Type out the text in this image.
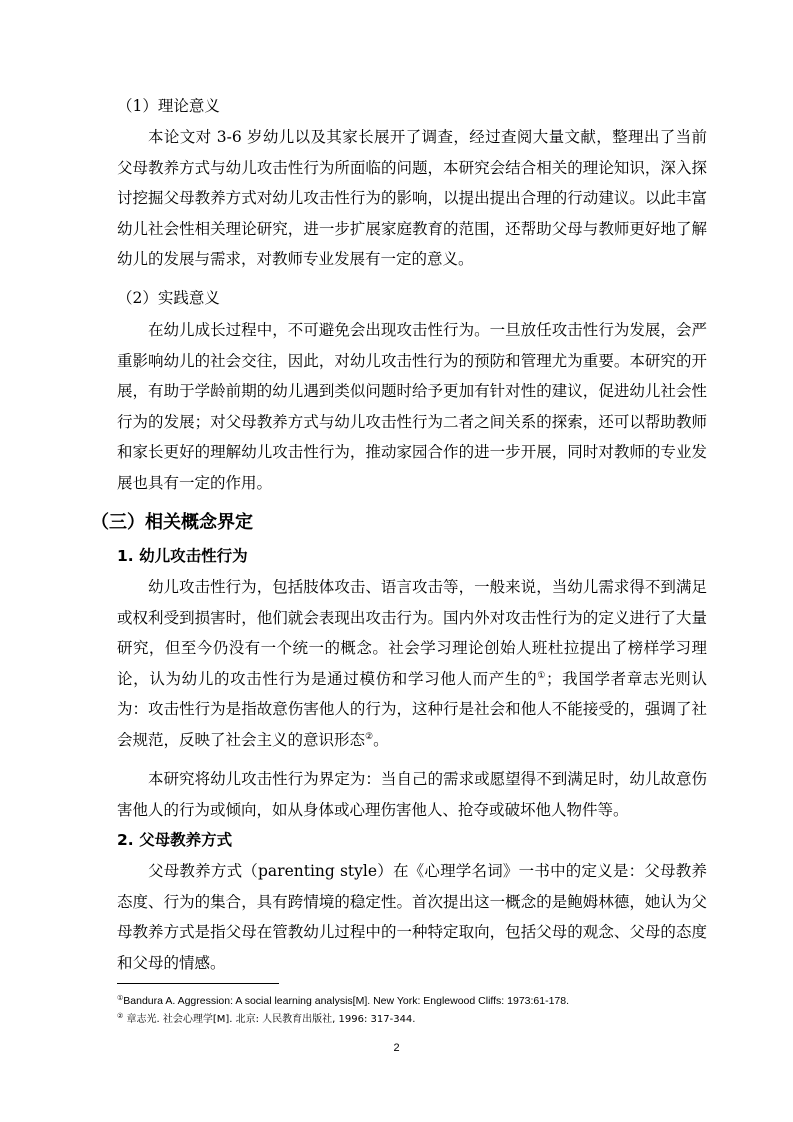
（1）理论意义

本论文对 3-6 岁幼儿以及其家长展开了调查，经过查阅大量文献，整理出了当前父母教养方式与幼儿攻击性行为所面临的问题，本研究会结合相关的理论知识，深入探讨挖掘父母教养方式对幼儿攻击性行为的影响，以提出提出合理的行动建议。以此丰富幼儿社会性相关理论研究，进一步扩展家庭教育的范围，还帮助父母与教师更好地了解幼儿的发展与需求，对教师专业发展有一定的意义。

（2）实践意义

在幼儿成长过程中，不可避免会出现攻击性行为。一旦放任攻击性行为发展，会严重影响幼儿的社会交往，因此，对幼儿攻击性行为的预防和管理尤为重要。本研究的开展，有助于学龄前期的幼儿遇到类似问题时给予更加有针对性的建议，促进幼儿社会性行为的发展；对父母教养方式与幼儿攻击性行为二者之间关系的探索，还可以帮助教师和家长更好的理解幼儿攻击性行为，推动家园合作的进一步开展，同时对教师的专业发展也具有一定的作用。

（三）相关概念界定

1. 幼儿攻击性行为

幼儿攻击性行为，包括肢体攻击、语言攻击等，一般来说，当幼儿需求得不到满足或权利受到损害时，他们就会表现出攻击行为。国内外对攻击性行为的定义进行了大量研究，但至今仍没有一个统一的概念。社会学习理论创始人班杜拉提出了榜样学习理论，认为幼儿的攻击性行为是通过模仿和学习他人而产生的①；我国学者章志光则认为：攻击性行为是指故意伤害他人的行为，这种行是社会和他人不能接受的，强调了社会规范，反映了社会主义的意识形态②。

本研究将幼儿攻击性行为界定为：当自己的需求或愿望得不到满足时，幼儿故意伤害他人的行为或倾向，如从身体或心理伤害他人、抢夺或破坏他人物件等。

2. 父母教养方式

父母教养方式（parenting style）在《心理学名词》一书中的定义是：父母教养态度、行为的集合，具有跨情境的稳定性。首次提出这一概念的是鲍姆林德，她认为父母教养方式是指父母在管教幼儿过程中的一种特定取向，包括父母的观念、父母的态度和父母的情感。

①Bandura A. Aggression: A social learning analysis[M]. New York: Englewood Cliffs: 1973:61-178.

② 章志光. 社会心理学[M]. 北京: 人民教育出版社, 1996: 317-344.

2
